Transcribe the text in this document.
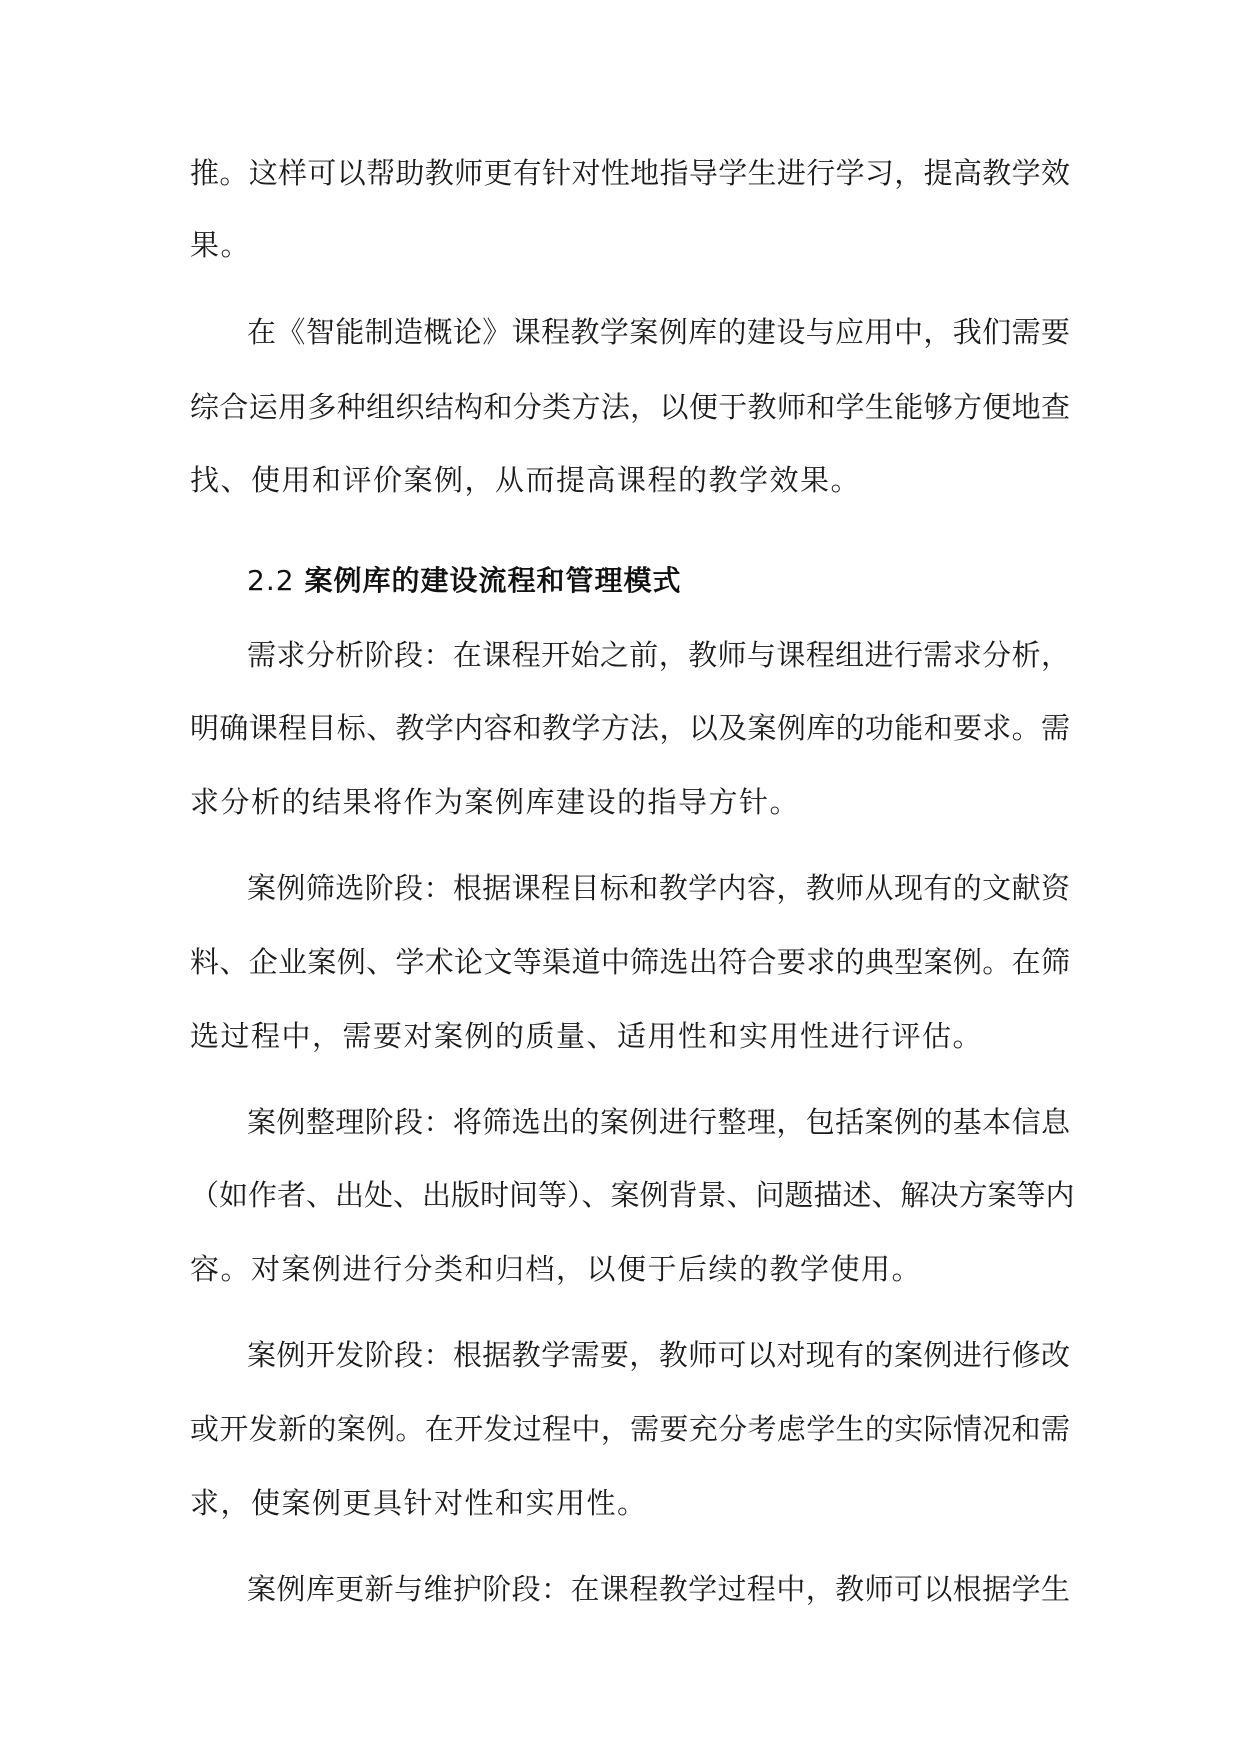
推。这样可以帮助教师更有针对性地指导学生进行学习，提高教学效
果。
在《智能制造概论》课程教学案例库的建设与应用中，我们需要
综合运用多种组织结构和分类方法，以便于教师和学生能够方便地查
找、使用和评价案例，从而提高课程的教学效果。
2.2 案例库的建设流程和管理模式
需求分析阶段：在课程开始之前，教师与课程组进行需求分析，
明确课程目标、教学内容和教学方法，以及案例库的功能和要求。需
求分析的结果将作为案例库建设的指导方针。
案例筛选阶段：根据课程目标和教学内容，教师从现有的文献资
料、企业案例、学术论文等渠道中筛选出符合要求的典型案例。在筛
选过程中，需要对案例的质量、适用性和实用性进行评估。
案例整理阶段：将筛选出的案例进行整理，包括案例的基本信息
（如作者、出处、出版时间等）、案例背景、问题描述、解决方案等内
容。对案例进行分类和归档，以便于后续的教学使用。
案例开发阶段：根据教学需要，教师可以对现有的案例进行修改
或开发新的案例。在开发过程中，需要充分考虑学生的实际情况和需
求，使案例更具针对性和实用性。
案例库更新与维护阶段：在课程教学过程中，教师可以根据学生
